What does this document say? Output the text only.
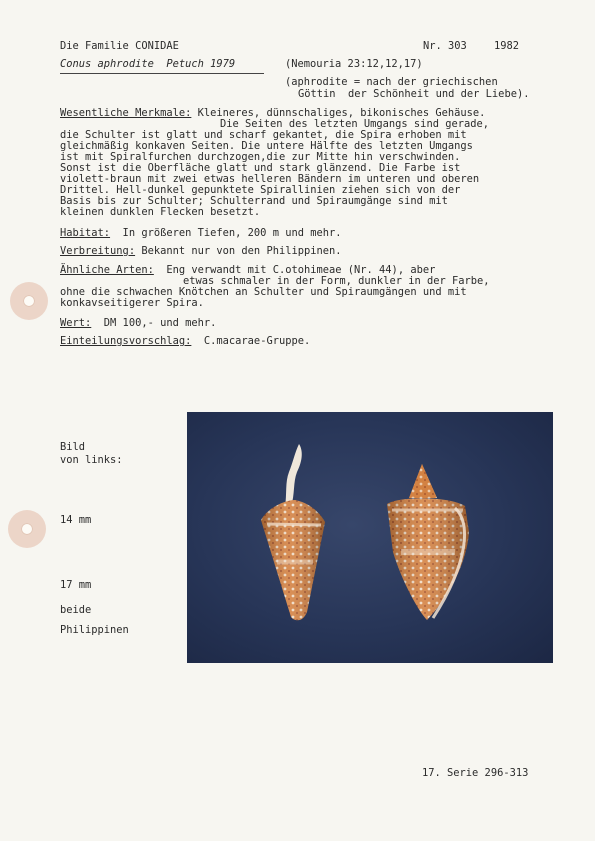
Die Familie CONIDAE	Nr. 303	1982
Conus aphrodite  Petuch 1979	(Nemouria 23:12,12,17)
(aphrodite = nach der griechischen
Göttin  der Schönheit und der Liebe).
Wesentliche Merkmale: Kleineres, dünnschaliges, bikonisches Gehäuse.
Die Seiten des letzten Umgangs sind gerade,
die Schulter ist glatt und scharf gekantet, die Spira erhoben mit
gleichmäßig konkaven Seiten. Die untere Hälfte des letzten Umgangs
ist mit Spiralfurchen durchzogen,die zur Mitte hin verschwinden.
Sonst ist die Oberfläche glatt und stark glänzend. Die Farbe ist
violett-braun mit zwei etwas helleren Bändern im unteren und oberen
Drittel. Hell-dunkel gepunktete Spirallinien ziehen sich von der
Basis bis zur Schulter; Schulterrand und Spiraumgänge sind mit
kleinen dunklen Flecken besetzt.
Habitat:  In größeren Tiefen, 200 m und mehr.
Verbreitung: Bekannt nur von den Philippinen.
Ähnliche Arten:  Eng verwandt mit C.otohimeae (Nr. 44), aber
etwas schmaler in der Form, dunkler in der Farbe,
ohne die schwachen Knötchen an Schulter und Spiraumgängen und mit
konkavseitigerer Spira.
Wert:  DM 100,- und mehr.
Einteilungsvorschlag:  C.macarae-Gruppe.
Bild
von links:
14 mm
17 mm
beide
Philippinen
17. Serie 296-313
